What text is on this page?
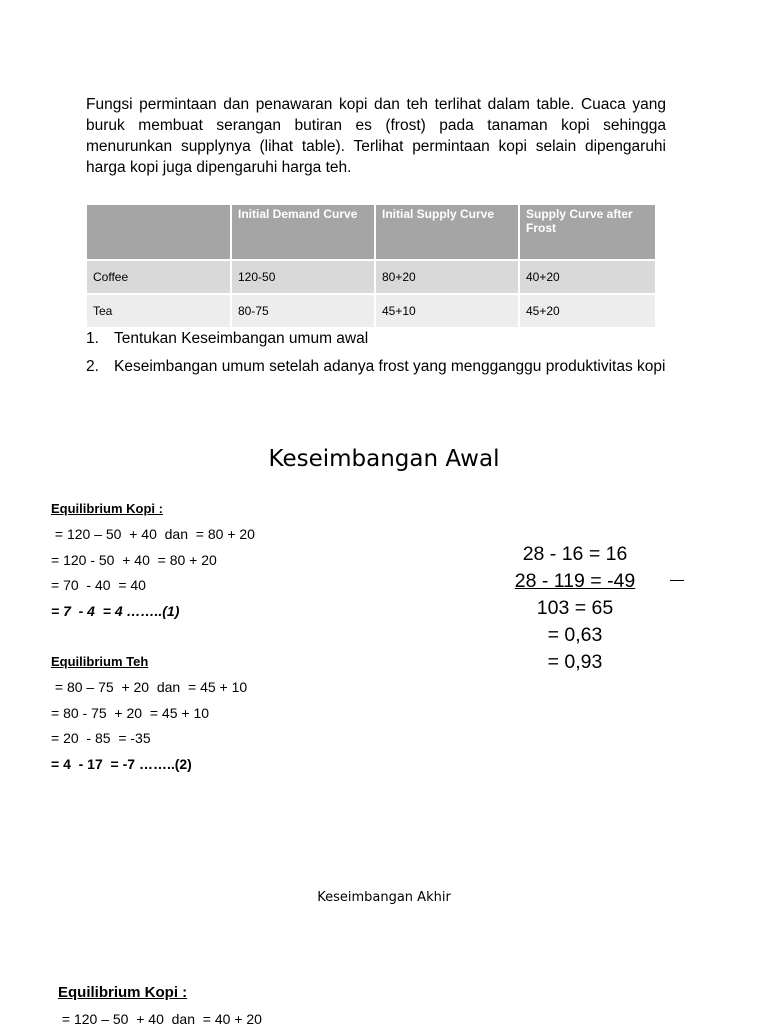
Fungsi permintaan dan penawaran kopi dan teh terlihat dalam table. Cuaca yang buruk membuat serangan butiran es (frost) pada tanaman kopi sehingga menurunkan supplynya (lihat table). Terlihat permintaan kopi selain dipengaruhi harga kopi juga dipengaruhi harga teh.

	Initial Demand Curve	Initial Supply Curve	Supply Curve after Frost
Coffee	120-50	80+20	40+20
Tea	80-75	45+10	45+20
1. Tentukan Keseimbangan umum awal
2. Keseimbangan umum setelah adanya frost yang mengganggu produktivitas kopi
Keseimbangan Awal
Equilibrium Kopi :
= 120 – 50  + 40  dan  = 80 + 20
= 120 - 50  + 40  = 80 + 20
= 70  - 40  = 40
= 7  - 4  = 4 ……..(1)
Equilibrium Teh
= 80 – 75  + 20  dan  = 45 + 10
= 80 - 75  + 20  = 45 + 10
= 20  - 85  = -35
= 4  - 17  = -7 ……..(2)
28 - 16 = 16
28 - 119 = -49
103 = 65
= 0,63
= 0,93
Keseimbangan Akhir
Equilibrium Kopi :
= 120 – 50  + 40  dan  = 40 + 20
